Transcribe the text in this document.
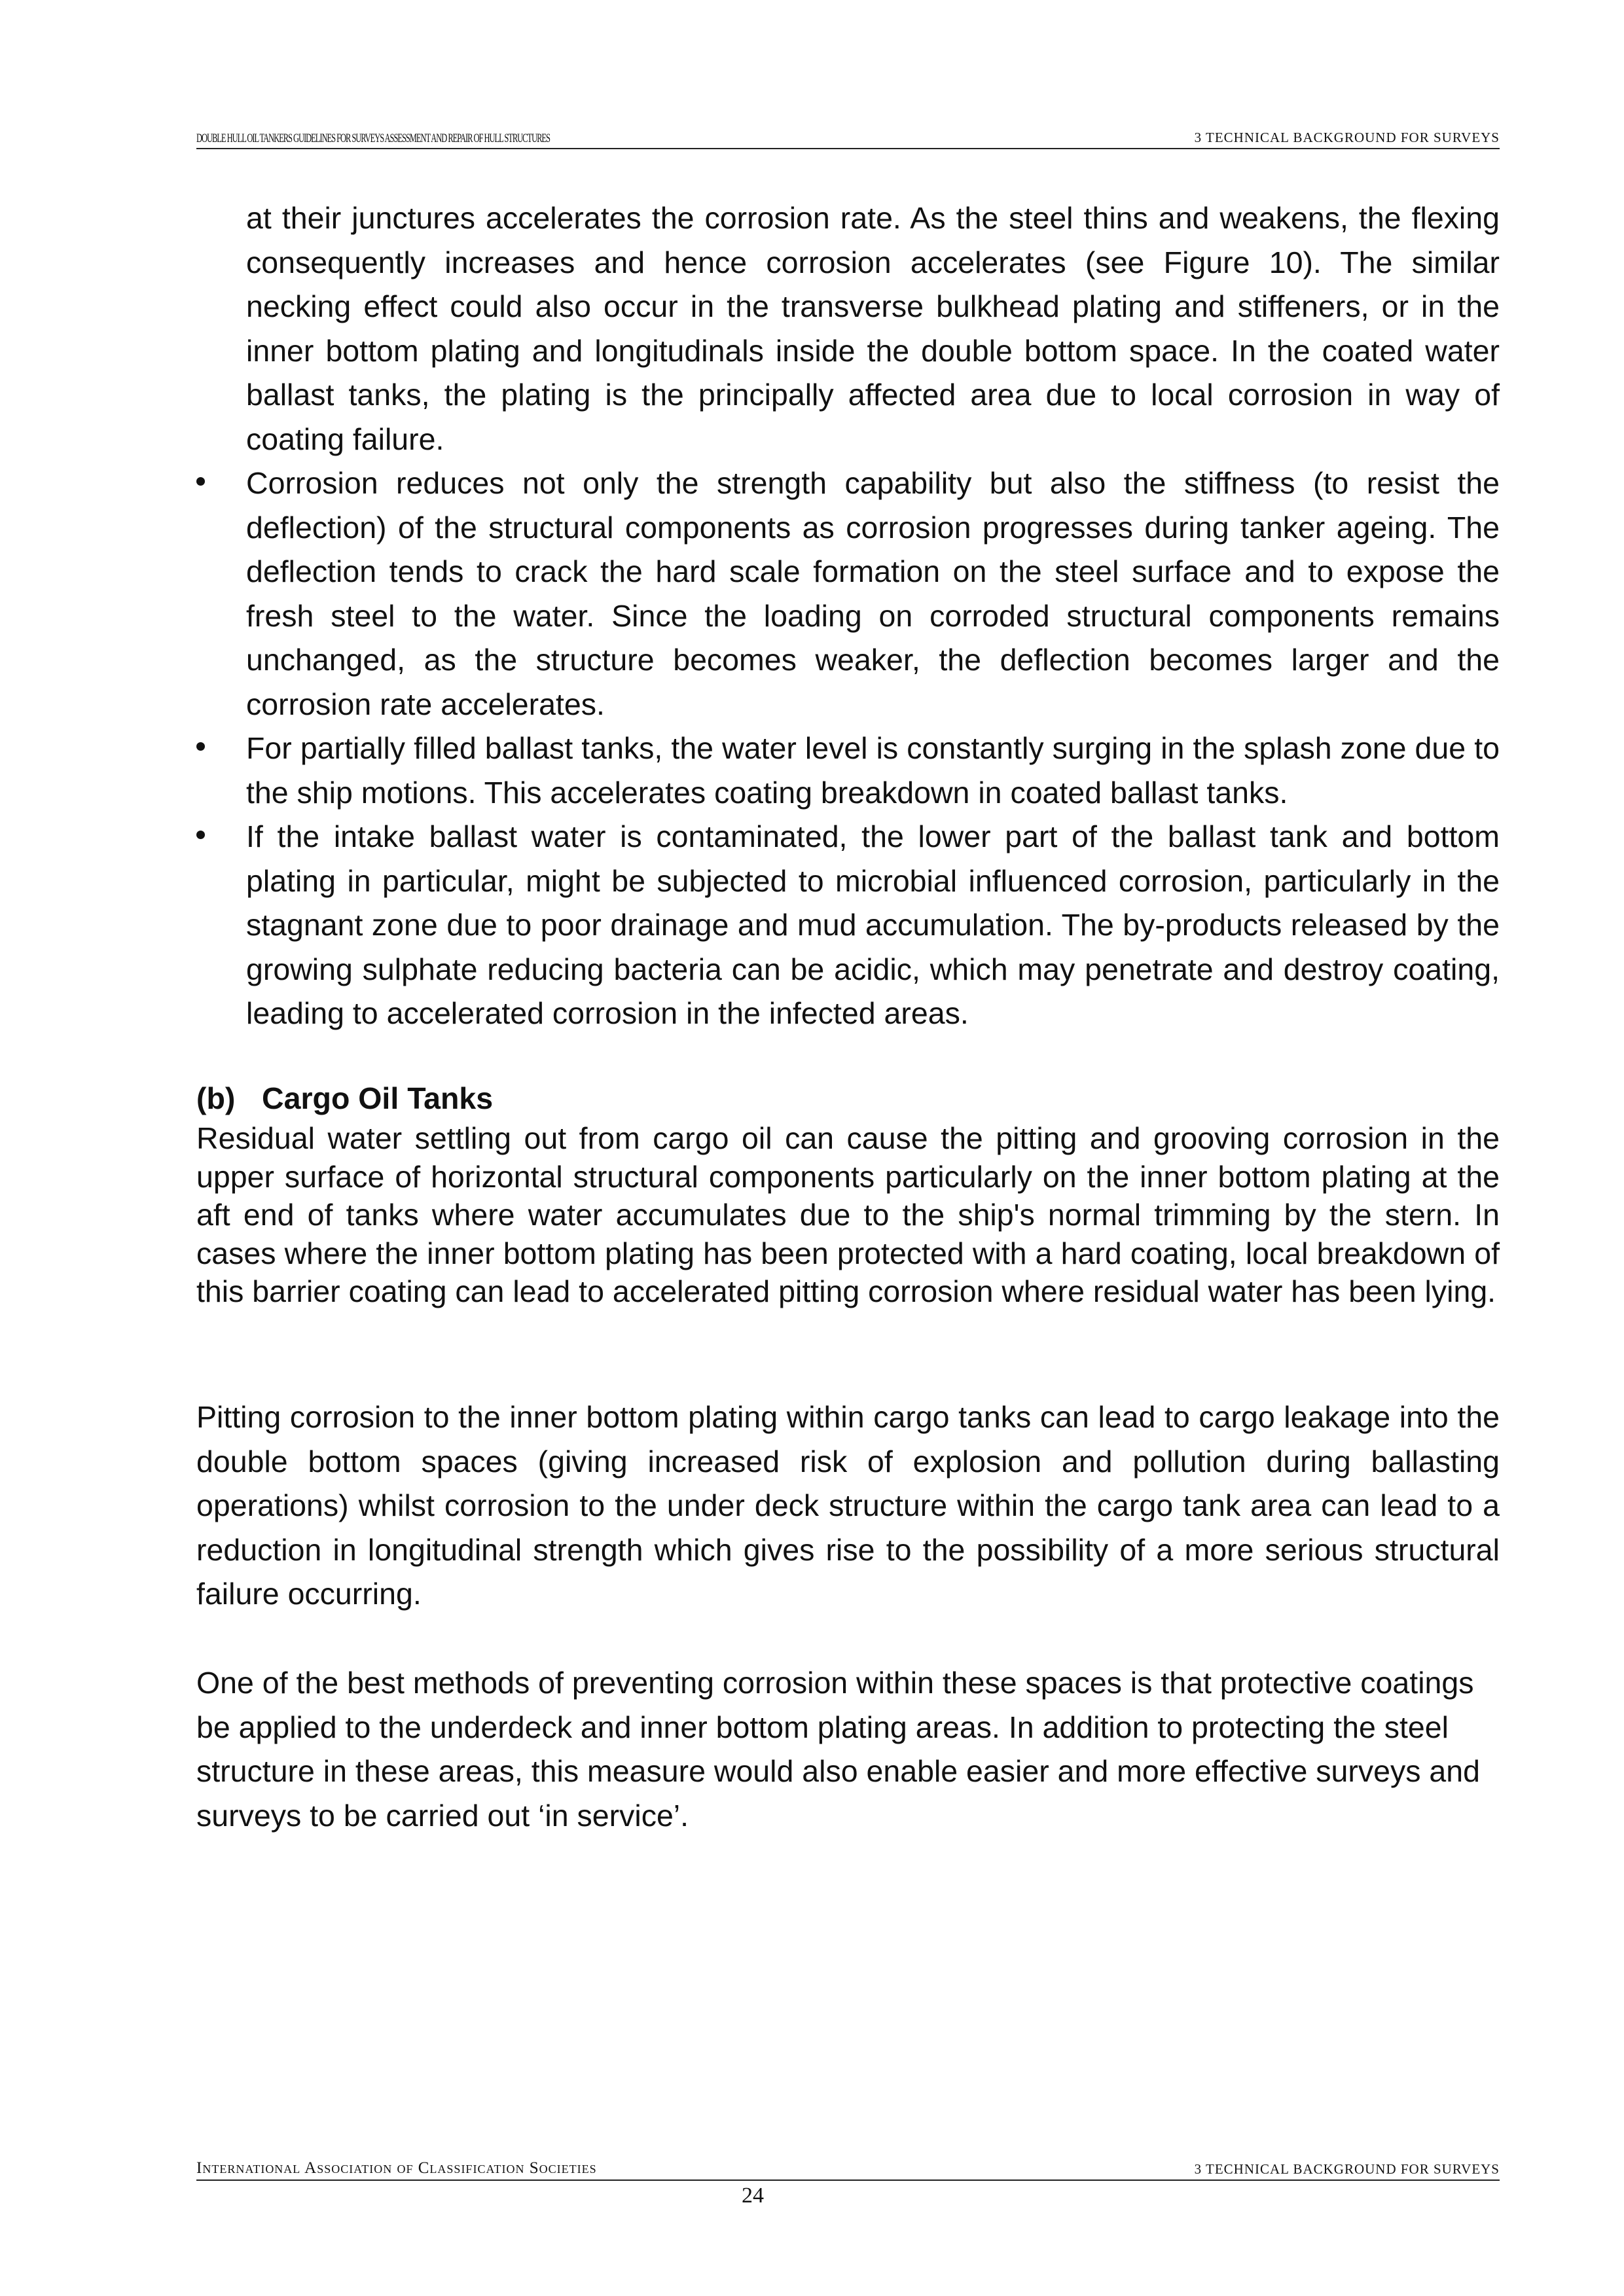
DOUBLE HULL OIL TANKERS GUIDELINES FOR SURVEYS ASSESSMENT AND REPAIR OF HULL STRUCTURES	3 TECHNICAL BACKGROUND FOR SURVEYS

at their junctures accelerates the corrosion rate. As the steel thins and weakens, the flexing consequently increases and hence corrosion accelerates (see Figure 10). The similar necking effect could also occur in the transverse bulkhead plating and stiffeners, or in the inner bottom plating and longitudinals inside the double bottom space. In the coated water ballast tanks, the plating is the principally affected area due to local corrosion in way of coating failure.

Corrosion reduces not only the strength capability but also the stiffness (to resist the deflection) of the structural components as corrosion progresses during tanker ageing. The deflection tends to crack the hard scale formation on the steel surface and to expose the fresh steel to the water. Since the loading on corroded structural components remains unchanged, as the structure becomes weaker, the deflection becomes larger and the corrosion rate accelerates.

For partially filled ballast tanks, the water level is constantly surging in the splash zone due to the ship motions. This accelerates coating breakdown in coated ballast tanks.

If the intake ballast water is contaminated, the lower part of the ballast tank and bottom plating in particular, might be subjected to microbial influenced corrosion, particularly in the stagnant zone due to poor drainage and mud accumulation. The by-products released by the growing sulphate reducing bacteria can be acidic, which may penetrate and destroy coating, leading to accelerated corrosion in the infected areas.

(b) Cargo Oil Tanks

Residual water settling out from cargo oil can cause the pitting and grooving corrosion in the upper surface of horizontal structural components particularly on the inner bottom plating at the aft end of tanks where water accumulates due to the ship's normal trimming by the stern. In cases where the inner bottom plating has been protected with a hard coating, local breakdown of this barrier coating can lead to accelerated pitting corrosion where residual water has been lying.

Pitting corrosion to the inner bottom plating within cargo tanks can lead to cargo leakage into the double bottom spaces (giving increased risk of explosion and pollution during ballasting operations) whilst corrosion to the under deck structure within the cargo tank area can lead to a reduction in longitudinal strength which gives rise to the possibility of a more serious structural failure occurring.

One of the best methods of preventing corrosion within these spaces is that protective coatings be applied to the underdeck and inner bottom plating areas. In addition to protecting the steel structure in these areas, this measure would also enable easier and more effective surveys and surveys to be carried out ‘in service’.

International Association of Classification Societies	3 TECHNICAL BACKGROUND FOR SURVEYS
24
